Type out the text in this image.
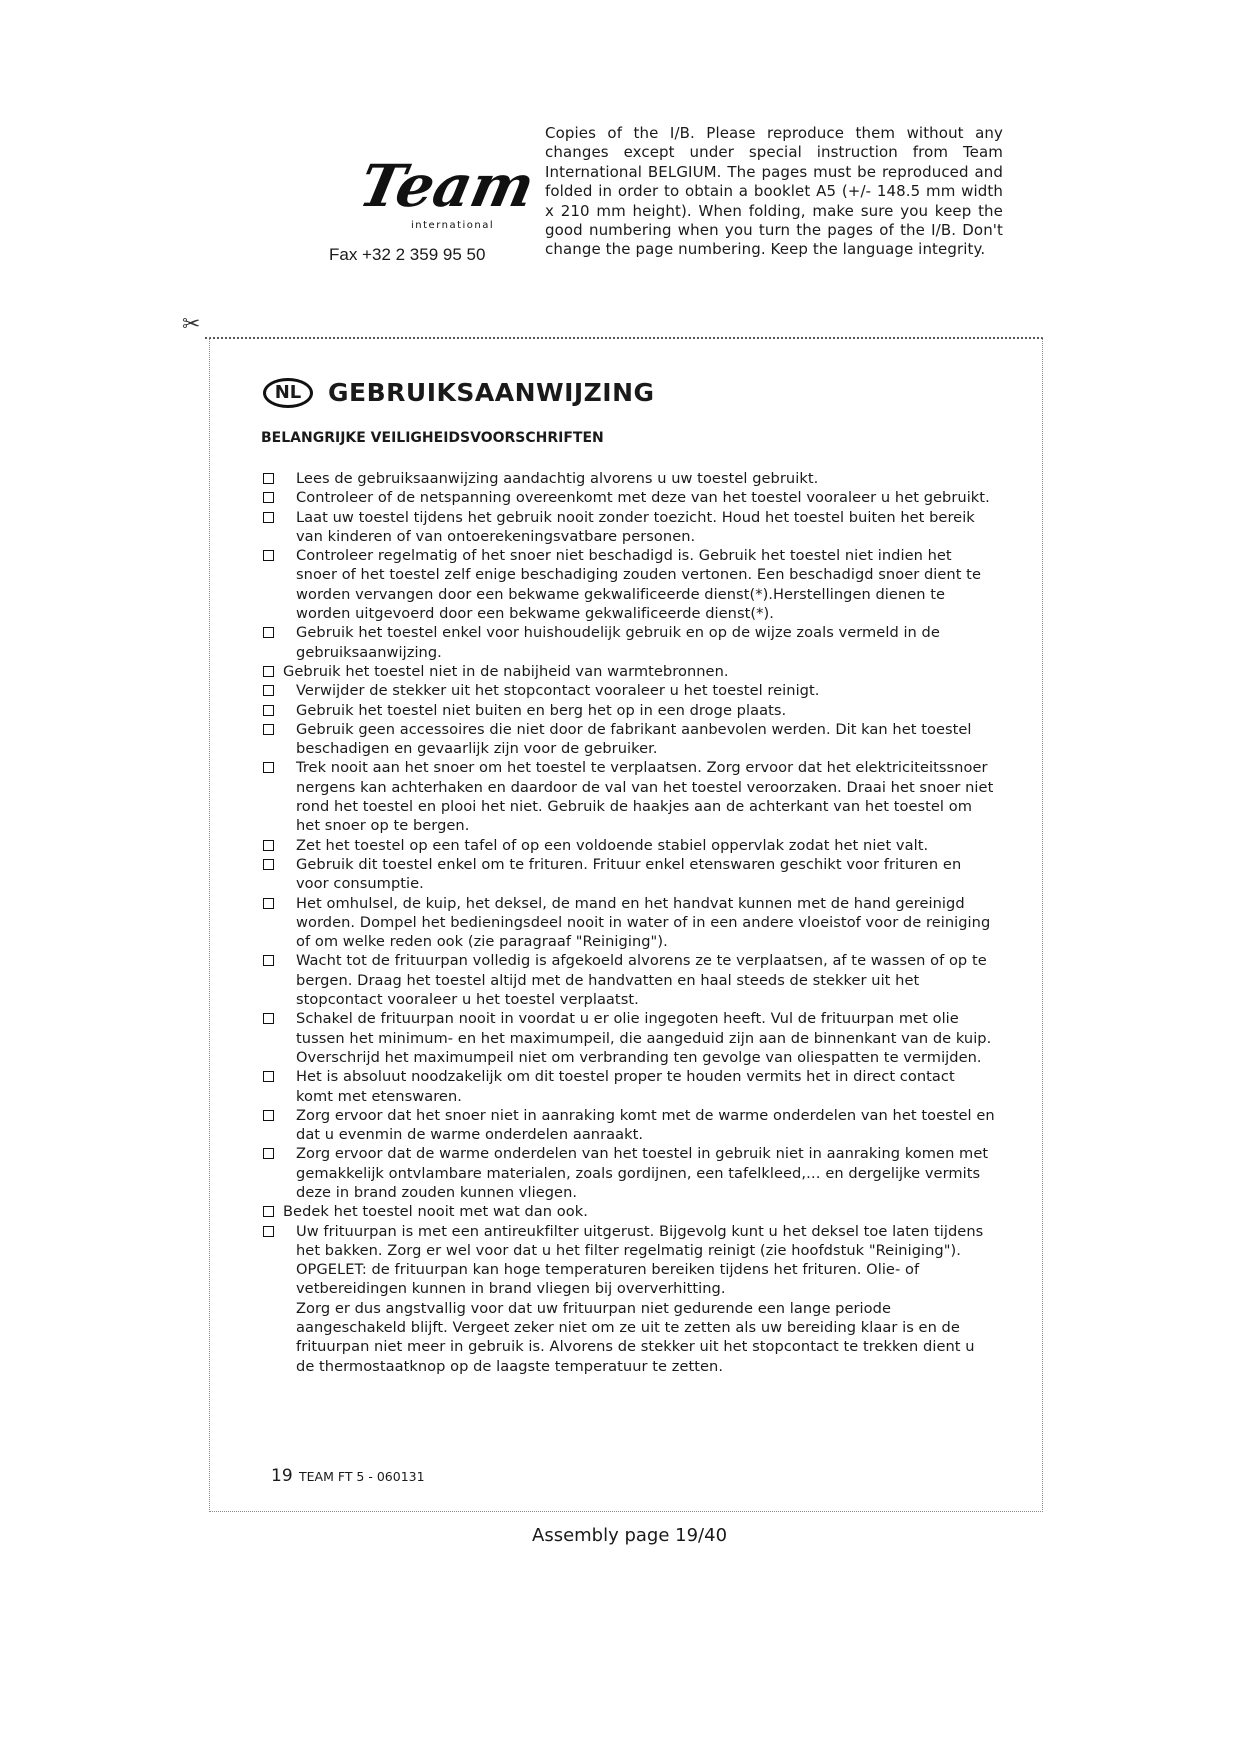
Team
international
Fax +32 2 359 95 50
Copies of the I/B. Please reproduce them without any changes except under special instruction from Team International BELGIUM. The pages must be reproduced and folded in order to obtain a booklet A5 (+/- 148.5 mm width x 210 mm height). When folding, make sure you keep the good numbering when you turn the pages of the I/B. Don't change the page numbering. Keep the language integrity.
✂
NL	GEBRUIKSAANWIJZING
BELANGRIJKE VEILIGHEIDSVOORSCHRIFTEN
Lees de gebruiksaanwijzing aandachtig alvorens u uw toestel gebruikt.
Controleer of de netspanning overeenkomt met deze van het toestel vooraleer u het gebruikt.
Laat uw toestel tijdens het gebruik nooit zonder toezicht. Houd het toestel buiten het bereik van kinderen of van ontoerekeningsvatbare personen.
Controleer regelmatig of het snoer niet beschadigd is. Gebruik het toestel niet indien het snoer of het toestel zelf enige beschadiging zouden vertonen. Een beschadigd snoer dient te worden vervangen door een bekwame gekwalificeerde dienst(*).Herstellingen dienen te worden uitgevoerd door een bekwame gekwalificeerde dienst(*).
Gebruik het toestel enkel voor huishoudelijk gebruik en op de wijze zoals vermeld in de gebruiksaanwijzing.
Gebruik het toestel niet in de nabijheid van warmtebronnen.
Verwijder de stekker uit het stopcontact vooraleer u het toestel reinigt.
Gebruik het toestel niet buiten en berg het op in een droge plaats.
Gebruik geen accessoires die niet door de fabrikant aanbevolen werden. Dit kan het toestel beschadigen en gevaarlijk zijn voor de gebruiker.
Trek nooit aan het snoer om het toestel te verplaatsen. Zorg ervoor dat het elektriciteitssnoer nergens kan achterhaken en daardoor de val van het toestel veroorzaken. Draai het snoer niet rond het toestel en plooi het niet. Gebruik de haakjes aan de achterkant van het toestel om het snoer op te bergen.
Zet het toestel op een tafel of op een voldoende stabiel oppervlak zodat het niet valt.
Gebruik dit toestel enkel om te frituren. Frituur enkel etenswaren geschikt voor frituren en voor consumptie.
Het omhulsel, de kuip, het deksel, de mand en het handvat kunnen met de hand gereinigd worden. Dompel het bedieningsdeel nooit in water of in een andere vloeistof voor de reiniging of om welke reden ook (zie paragraaf "Reiniging").
Wacht tot de frituurpan volledig is afgekoeld alvorens ze te verplaatsen, af te wassen of op te bergen. Draag het toestel altijd met de handvatten en haal steeds de stekker uit het stopcontact vooraleer u het toestel verplaatst.
Schakel de frituurpan nooit in voordat u er olie ingegoten heeft. Vul de frituurpan met olie tussen het minimum- en het maximumpeil, die aangeduid zijn aan de binnenkant van de kuip. Overschrijd het maximumpeil niet om verbranding ten gevolge van oliespatten te vermijden.
Het is absoluut noodzakelijk om dit toestel proper te houden vermits het in direct contact komt met etenswaren.
Zorg ervoor dat het snoer niet in aanraking komt met de warme onderdelen van het toestel en dat u evenmin de warme onderdelen aanraakt.
Zorg ervoor dat de warme onderdelen van het toestel in gebruik niet in aanraking komen met gemakkelijk ontvlambare materialen, zoals gordijnen, een tafelkleed,… en dergelijke vermits deze in brand zouden kunnen vliegen.
Bedek het toestel nooit met wat dan ook.
Uw frituurpan is met een antireukfilter uitgerust. Bijgevolg kunt u het deksel toe laten tijdens het bakken. Zorg er wel voor dat u het filter regelmatig reinigt (zie hoofdstuk "Reiniging").
OPGELET: de frituurpan kan hoge temperaturen bereiken tijdens het frituren. Olie- of vetbereidingen kunnen in brand vliegen bij oververhitting.
Zorg er dus angstvallig voor dat uw frituurpan niet gedurende een lange periode aangeschakeld blijft. Vergeet zeker niet om ze uit te zetten als uw bereiding klaar is en de frituurpan niet meer in gebruik is. Alvorens de stekker uit het stopcontact te trekken dient u de thermostaatknop op de laagste temperatuur te zetten.
19 TEAM FT 5 - 060131
Assembly page 19/40
